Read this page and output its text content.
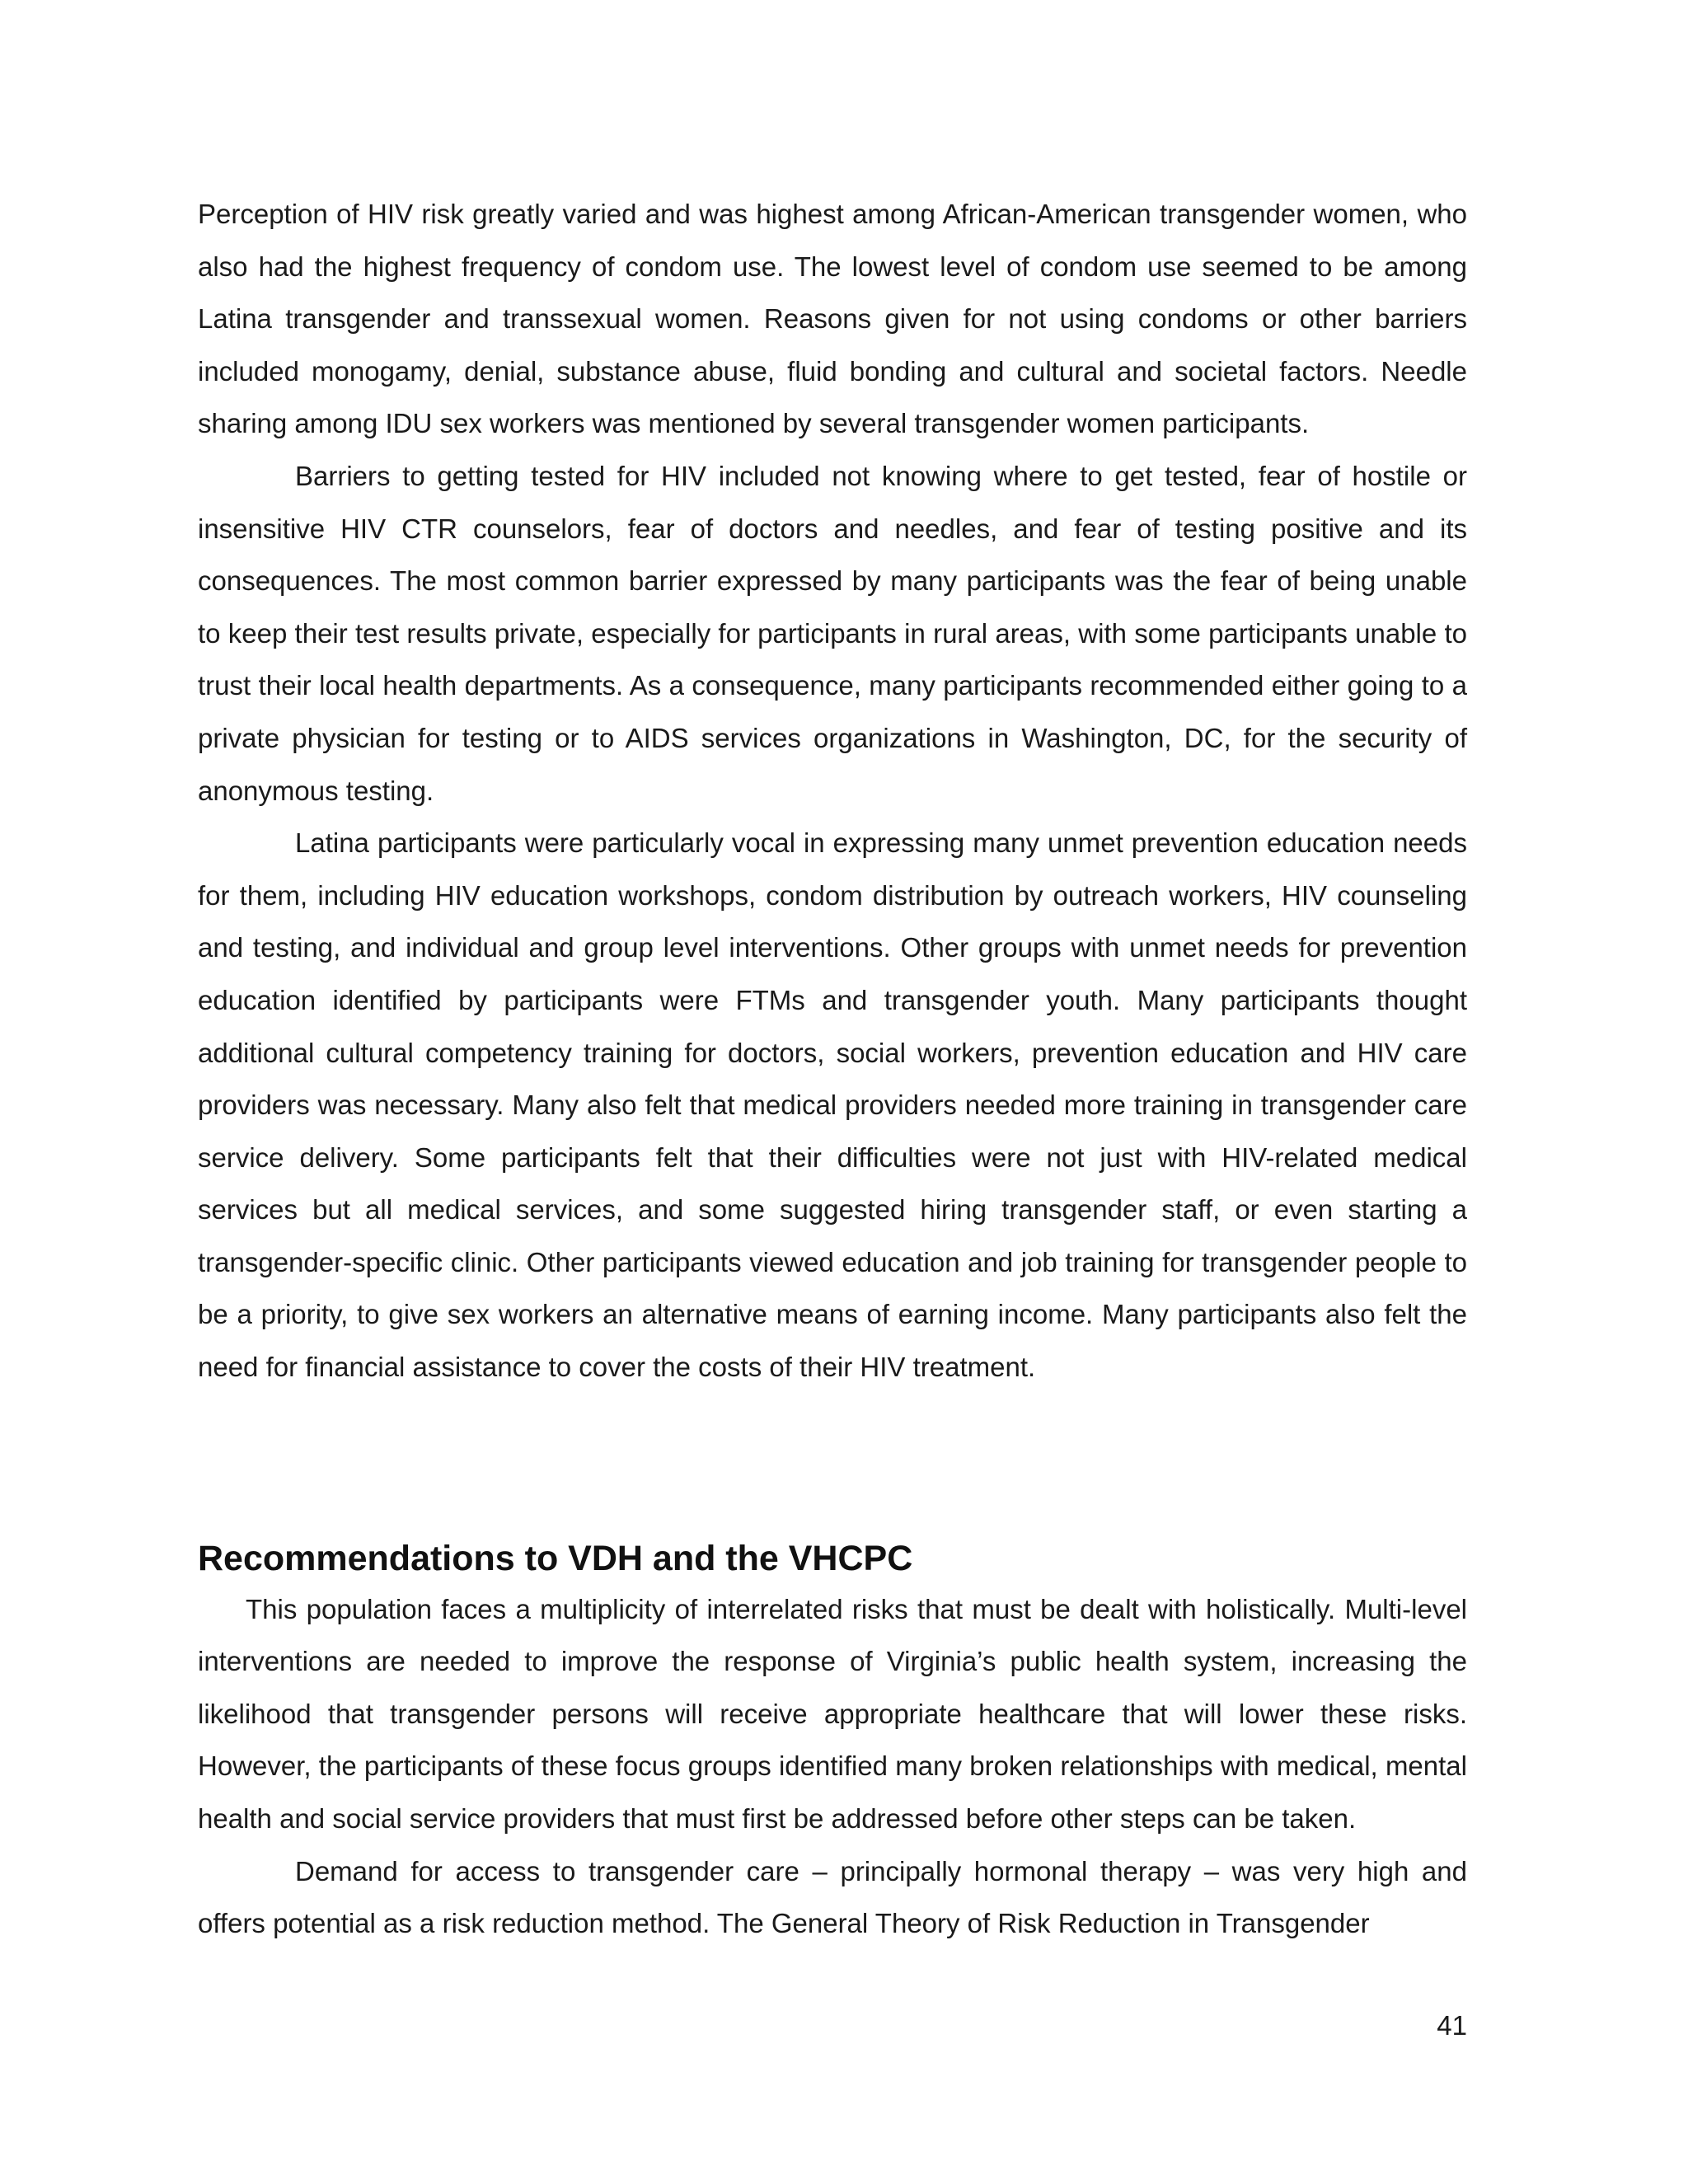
Perception of HIV risk greatly varied and was highest among African-American transgender women, who also had the highest frequency of condom use. The lowest level of condom use seemed to be among Latina transgender and transsexual women. Reasons given for not using condoms or other barriers included monogamy, denial, substance abuse, fluid bonding and cultural and societal factors. Needle sharing among IDU sex workers was mentioned by several transgender women participants.

Barriers to getting tested for HIV included not knowing where to get tested, fear of hostile or insensitive HIV CTR counselors, fear of doctors and needles, and fear of testing positive and its consequences. The most common barrier expressed by many participants was the fear of being unable to keep their test results private, especially for participants in rural areas, with some participants unable to trust their local health departments. As a consequence, many participants recommended either going to a private physician for testing or to AIDS services organizations in Washington, DC, for the security of anonymous testing.

Latina participants were particularly vocal in expressing many unmet prevention education needs for them, including HIV education workshops, condom distribution by outreach workers, HIV counseling and testing, and individual and group level interventions. Other groups with unmet needs for prevention education identified by participants were FTMs and transgender youth. Many participants thought additional cultural competency training for doctors, social workers, prevention education and HIV care providers was necessary. Many also felt that medical providers needed more training in transgender care service delivery. Some participants felt that their difficulties were not just with HIV-related medical services but all medical services, and some suggested hiring transgender staff, or even starting a transgender-specific clinic. Other participants viewed education and job training for transgender people to be a priority, to give sex workers an alternative means of earning income. Many participants also felt the need for financial assistance to cover the costs of their HIV treatment.

Recommendations to VDH and the VHCPC

This population faces a multiplicity of interrelated risks that must be dealt with holistically. Multi-level interventions are needed to improve the response of Virginia’s public health system, increasing the likelihood that transgender persons will receive appropriate healthcare that will lower these risks. However, the participants of these focus groups identified many broken relationships with medical, mental health and social service providers that must first be addressed before other steps can be taken.

Demand for access to transgender care – principally hormonal therapy – was very high and offers potential as a risk reduction method. The General Theory of Risk Reduction in Transgender

41
